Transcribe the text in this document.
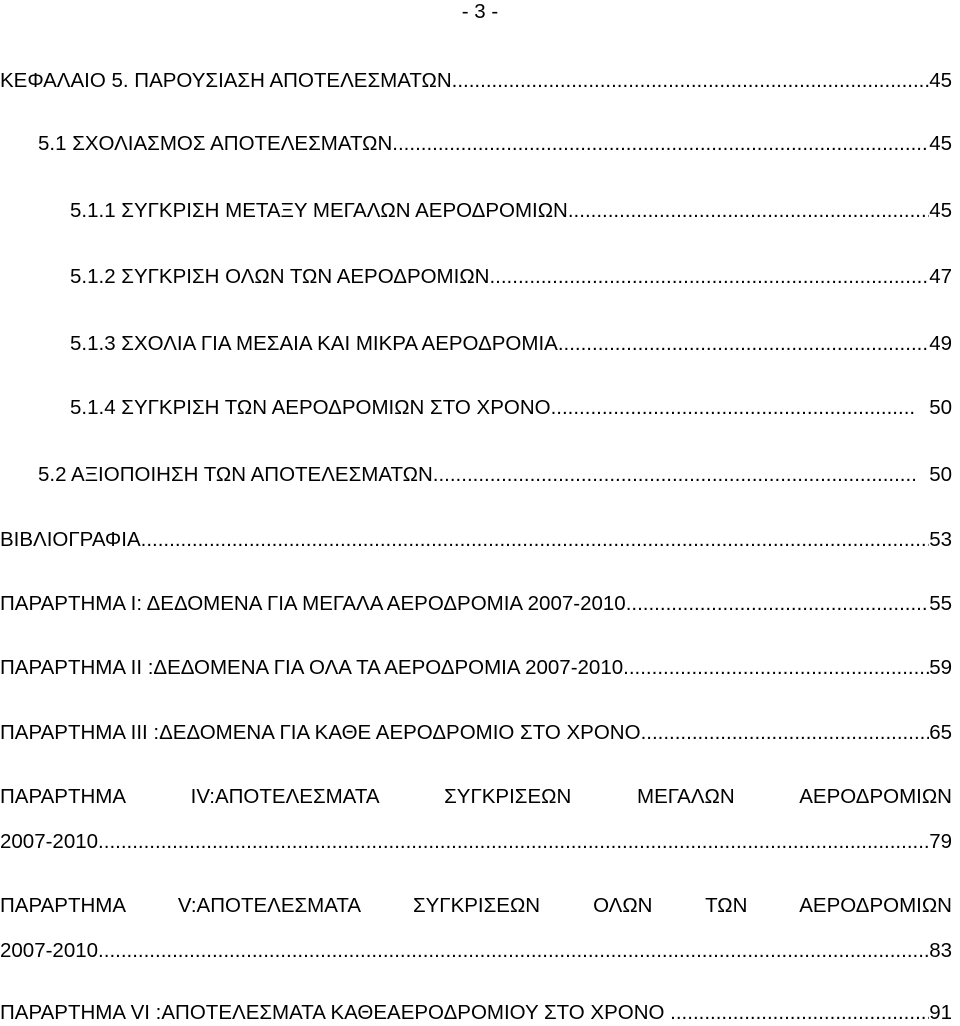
- 3 -
ΚΕΦΑΛΑΙΟ 5. ΠΑΡΟΥΣΙΑΣΗ ΑΠΟΤΕΛΕΣΜΑΤΩΝ .....	45
5.1 ΣΧΟΛΙΑΣΜΟΣ ΑΠΟΤΕΛΕΣΜΑΤΩΝ .....	45
5.1.1 ΣΥΓΚΡΙΣΗ ΜΕΤΑΞΥ ΜΕΓΑΛΩΝ ΑΕΡΟΔΡΟΜΙΩΝ .....	45
5.1.2 ΣΥΓΚΡΙΣΗ ΟΛΩΝ ΤΩΝ ΑΕΡΟΔΡΟΜΙΩΝ .....	47
5.1.3 ΣΧΟΛΙΑ ΓΙΑ ΜΕΣΑΙΑ ΚΑΙ ΜΙΚΡΑ ΑΕΡΟΔΡΟΜΙΑ .....	49
5.1.4 ΣΥΓΚΡΙΣΗ ΤΩΝ ΑΕΡΟΔΡΟΜΙΩΝ ΣΤΟ ΧΡΟΝΟ .....	50
5.2 ΑΞΙΟΠΟΙΗΣΗ ΤΩΝ ΑΠΟΤΕΛΕΣΜΑΤΩΝ .....	50
ΒΙΒΛΙΟΓΡΑΦΙΑ .....	53
ΠΑΡΑΡΤΗΜΑ Ι: ΔΕΔΟΜΕΝΑ ΓΙΑ ΜΕΓΑΛΑ ΑΕΡΟΔΡΟΜΙΑ 2007-2010 .....	55
ΠΑΡΑΡΤΗΜΑ ΙΙ :ΔΕΔΟΜΕΝΑ ΓΙΑ ΟΛΑ ΤΑ ΑΕΡΟΔΡΟΜΙΑ 2007-2010 .....	59
ΠΑΡΑΡΤΗΜΑ ΙΙΙ :ΔΕΔΟΜΕΝΑ ΓΙΑ ΚΑΘΕ ΑΕΡΟΔΡΟΜΙΟ ΣΤΟ ΧΡΟΝΟ .....	65
ΠΑΡΑΡΤΗΜΑ IV:ΑΠΟΤΕΛΕΣΜΑΤΑ ΣΥΓΚΡΙΣΕΩΝ ΜΕΓΑΛΩΝ ΑΕΡΟΔΡΟΜΙΩΝ
2007-2010 .....	79
ΠΑΡΑΡΤΗΜΑ V:ΑΠΟΤΕΛΕΣΜΑΤΑ ΣΥΓΚΡΙΣΕΩΝ ΟΛΩΝ ΤΩΝ ΑΕΡΟΔΡΟΜΙΩΝ
2007-2010 .....	83
ΠΑΡΑΡΤΗΜΑ VI :ΑΠΟΤΕΛΕΣΜΑΤΑ ΚΑΘΕΑΕΡΟΔΡΟΜΙΟΥ ΣΤΟ ΧΡΟΝΟ .....	91
